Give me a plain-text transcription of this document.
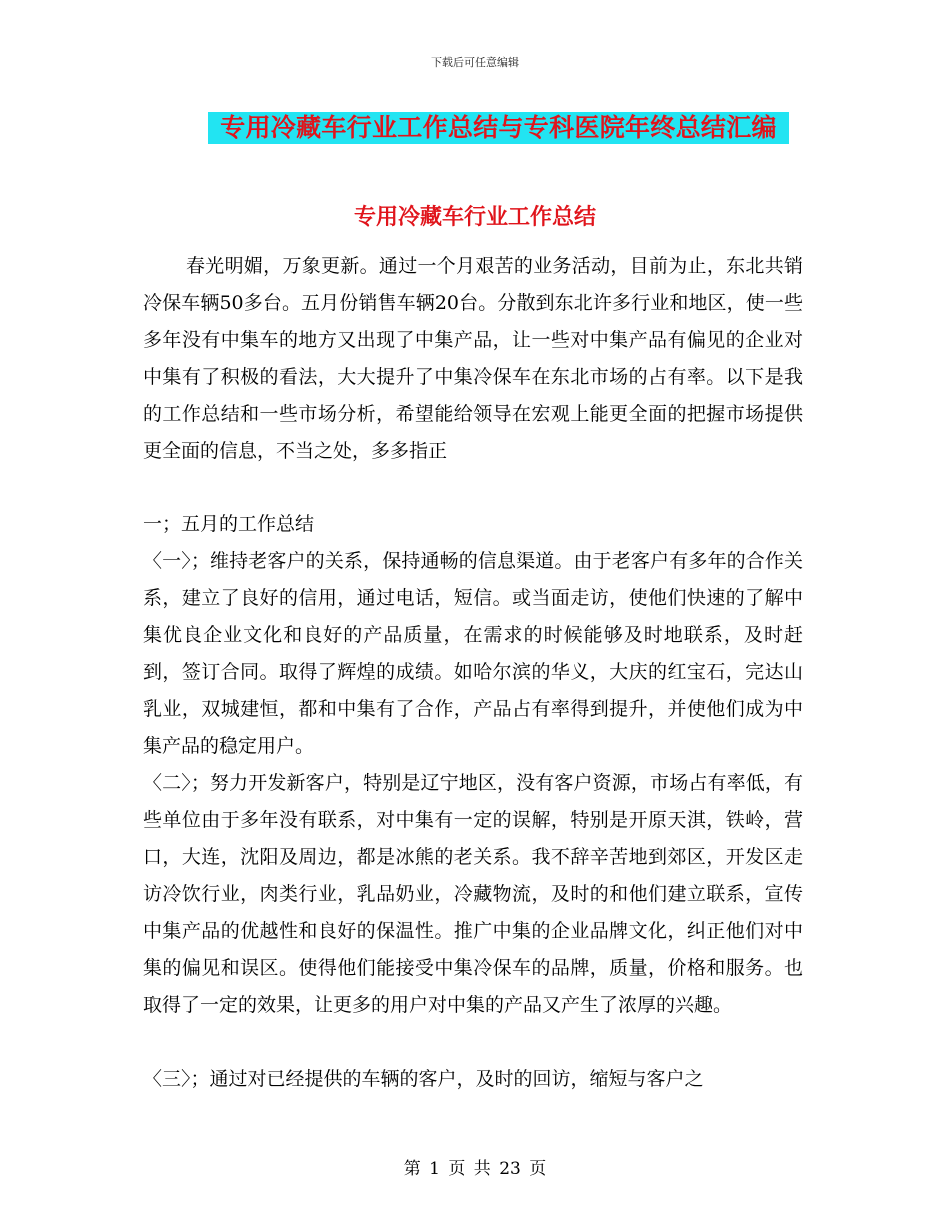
下载后可任意编辑
专用冷藏车行业工作总结与专科医院年终总结汇编
专用冷藏车行业工作总结

春光明媚，万象更新。通过一个月艰苦的业务活动，目前为止，东北共销冷保车辆50多台。五月份销售车辆20台。分散到东北许多行业和地区，使一些多年没有中集车的地方又出现了中集产品，让一些对中集产品有偏见的企业对中集有了积极的看法，大大提升了中集冷保车在东北市场的占有率。以下是我的工作总结和一些市场分析，希望能给领导在宏观上能更全面的把握市场提供更全面的信息，不当之处，多多指正

一；五月的工作总结

〈一〉；维持老客户的关系，保持通畅的信息渠道。由于老客户有多年的合作关系，建立了良好的信用，通过电话，短信。或当面走访，使他们快速的了解中集优良企业文化和良好的产品质量，在需求的时候能够及时地联系，及时赶到，签订合同。取得了辉煌的成绩。如哈尔滨的华义，大庆的红宝石，完达山乳业，双城建恒，都和中集有了合作，产品占有率得到提升，并使他们成为中集产品的稳定用户。

〈二〉；努力开发新客户，特别是辽宁地区，没有客户资源，市场占有率低，有些单位由于多年没有联系，对中集有一定的误解，特别是开原天淇，铁岭，营口，大连，沈阳及周边，都是冰熊的老关系。我不辞辛苦地到郊区，开发区走访冷饮行业，肉类行业，乳品奶业，冷藏物流，及时的和他们建立联系，宣传中集产品的优越性和良好的保温性。推广中集的企业品牌文化，纠正他们对中集的偏见和误区。使得他们能接受中集冷保车的品牌，质量，价格和服务。也取得了一定的效果，让更多的用户对中集的产品又产生了浓厚的兴趣。

〈三〉；通过对已经提供的车辆的客户，及时的回访，缩短与客户之

第 1 页 共 23 页
